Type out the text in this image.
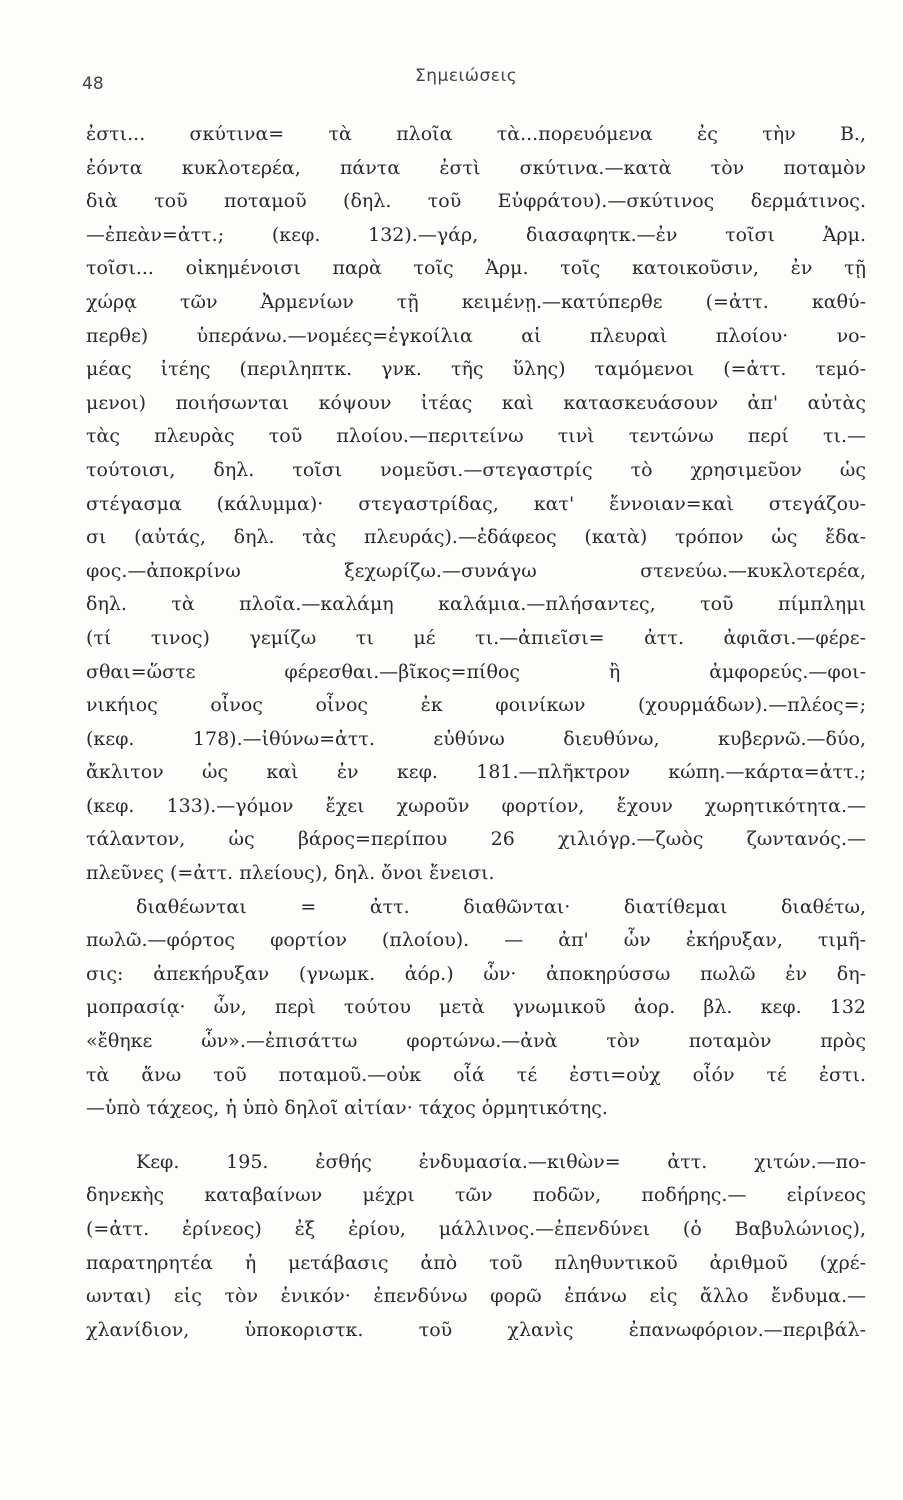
48	Σημειώσεις
ἐστι... σκύτινα= τὰ πλοῖα τὰ...πορευόμενα ἐς τὴν Β.,
ἐόντα κυκλοτερέα, πάντα ἐστὶ σκύτινα.—κατὰ τὸν ποταμὸν
διὰ τοῦ ποταμοῦ (δηλ. τοῦ Εὐφράτου).—σκύτινος δερμάτινος.
—ἐπεὰν=ἀττ.; (κεφ. 132).—γάρ, διασαφητκ.—ἐν τοῖσι Ἀρμ.
τοῖσι... οἰκημένοισι παρὰ τοῖς Ἀρμ. τοῖς κατοικοῦσιν, ἐν τῇ
χώρᾳ τῶν Ἀρμενίων τῇ κειμένῃ.—κατύπερθε (=ἀττ. καθύ-
περθε) ὑπεράνω.—νομέες=ἐγκοίλια αἱ πλευραὶ πλοίου· νο-
μέας ἰτέης (περιληπτκ. γνκ. τῆς ὕλης) ταμόμενοι (=ἀττ. τεμό-
μενοι) ποιήσωνται κόψουν ἰτέας καὶ κατασκευάσουν ἀπ' αὐτὰς
τὰς πλευρὰς τοῦ πλοίου.—περιτείνω τινὶ τεντώνω περί τι.—
τούτοισι, δηλ. τοῖσι νομεῦσι.—στεγαστρίς τὸ χρησιμεῦον ὡς
στέγασμα (κάλυμμα)· στεγαστρίδας, κατ' ἔννοιαν=καὶ στεγάζου-
σι (αὐτάς, δηλ. τὰς πλευράς).—ἐδάφεος (κατὰ) τρόπον ὡς ἔδα-
φος.—ἀποκρίνω ξεχωρίζω.—συνάγω στενεύω.—κυκλοτερέα,
δηλ. τὰ πλοῖα.—καλάμη καλάμια.—πλήσαντες, τοῦ πίμπλημι
(τί τινος) γεμίζω τι μέ τι.—ἀπιεῖσι= ἀττ. ἀφιᾶσι.—φέρε-
σθαι=ὥστε φέρεσθαι.—βῖκος=πίθος ἢ ἀμφορεύς.—φοι-
νικήιος οἶνος οἶνος ἐκ φοινίκων (χουρμάδων).—πλέος=;
(κεφ. 178).—ἰθύνω=ἀττ. εὐθύνω διευθύνω, κυβερνῶ.—δύο,
ἄκλιτον ὡς καὶ ἐν κεφ. 181.—πλῆκτρον κώπη.—κάρτα=ἀττ.;
(κεφ. 133).—γόμον ἔχει χωροῦν φορτίον, ἔχουν χωρητικότητα.—
τάλαντον, ὡς βάρος=περίπου 26 χιλιόγρ.—ζωὸς ζωντανός.—
πλεῦνες (=ἀττ. πλείους), δηλ. ὄνοι ἔνεισι.
διαθέωνται = ἀττ. διαθῶνται· διατίθεμαι διαθέτω,
πωλῶ.—φόρτος φορτίον (πλοίου). — ἀπ' ὧν ἐκήρυξαν, τιμῆ-
σις: ἀπεκήρυξαν (γνωμκ. ἀόρ.) ὧν· ἀποκηρύσσω πωλῶ ἐν δη-
μοπρασίᾳ· ὧν, περὶ τούτου μετὰ γνωμικοῦ ἀορ. βλ. κεφ. 132
«ἔθηκε ὧν».—ἐπισάττω φορτώνω.—ἀνὰ τὸν ποταμὸν πρὸς
τὰ ἄνω τοῦ ποταμοῦ.—οὐκ οἷά τέ ἐστι=οὐχ οἷόν τέ ἐστι.
—ὑπὸ τάχεος, ἡ ὑπὸ δηλοῖ αἰτίαν· τάχος ὁρμητικότης.
Κεφ. 195. ἐσθής ἐνδυμασία.—κιθὼν= ἀττ. χιτών.—πο-
δηνεκὴς καταβαίνων μέχρι τῶν ποδῶν, ποδήρης.— εἰρίνεος
(=ἀττ. ἐρίνεος) ἐξ ἐρίου, μάλλινος.—ἐπενδύνει (ὁ Βαβυλώνιος),
παρατηρητέα ἡ μετάβασις ἀπὸ τοῦ πληθυντικοῦ ἀριθμοῦ (χρέ-
ωνται) εἰς τὸν ἑνικόν· ἐπενδύνω φορῶ ἐπάνω εἰς ἄλλο ἔνδυμα.—
χλανίδιον, ὑποκοριστκ. τοῦ χλανὶς ἐπανωφόριον.—περιβάλ-
